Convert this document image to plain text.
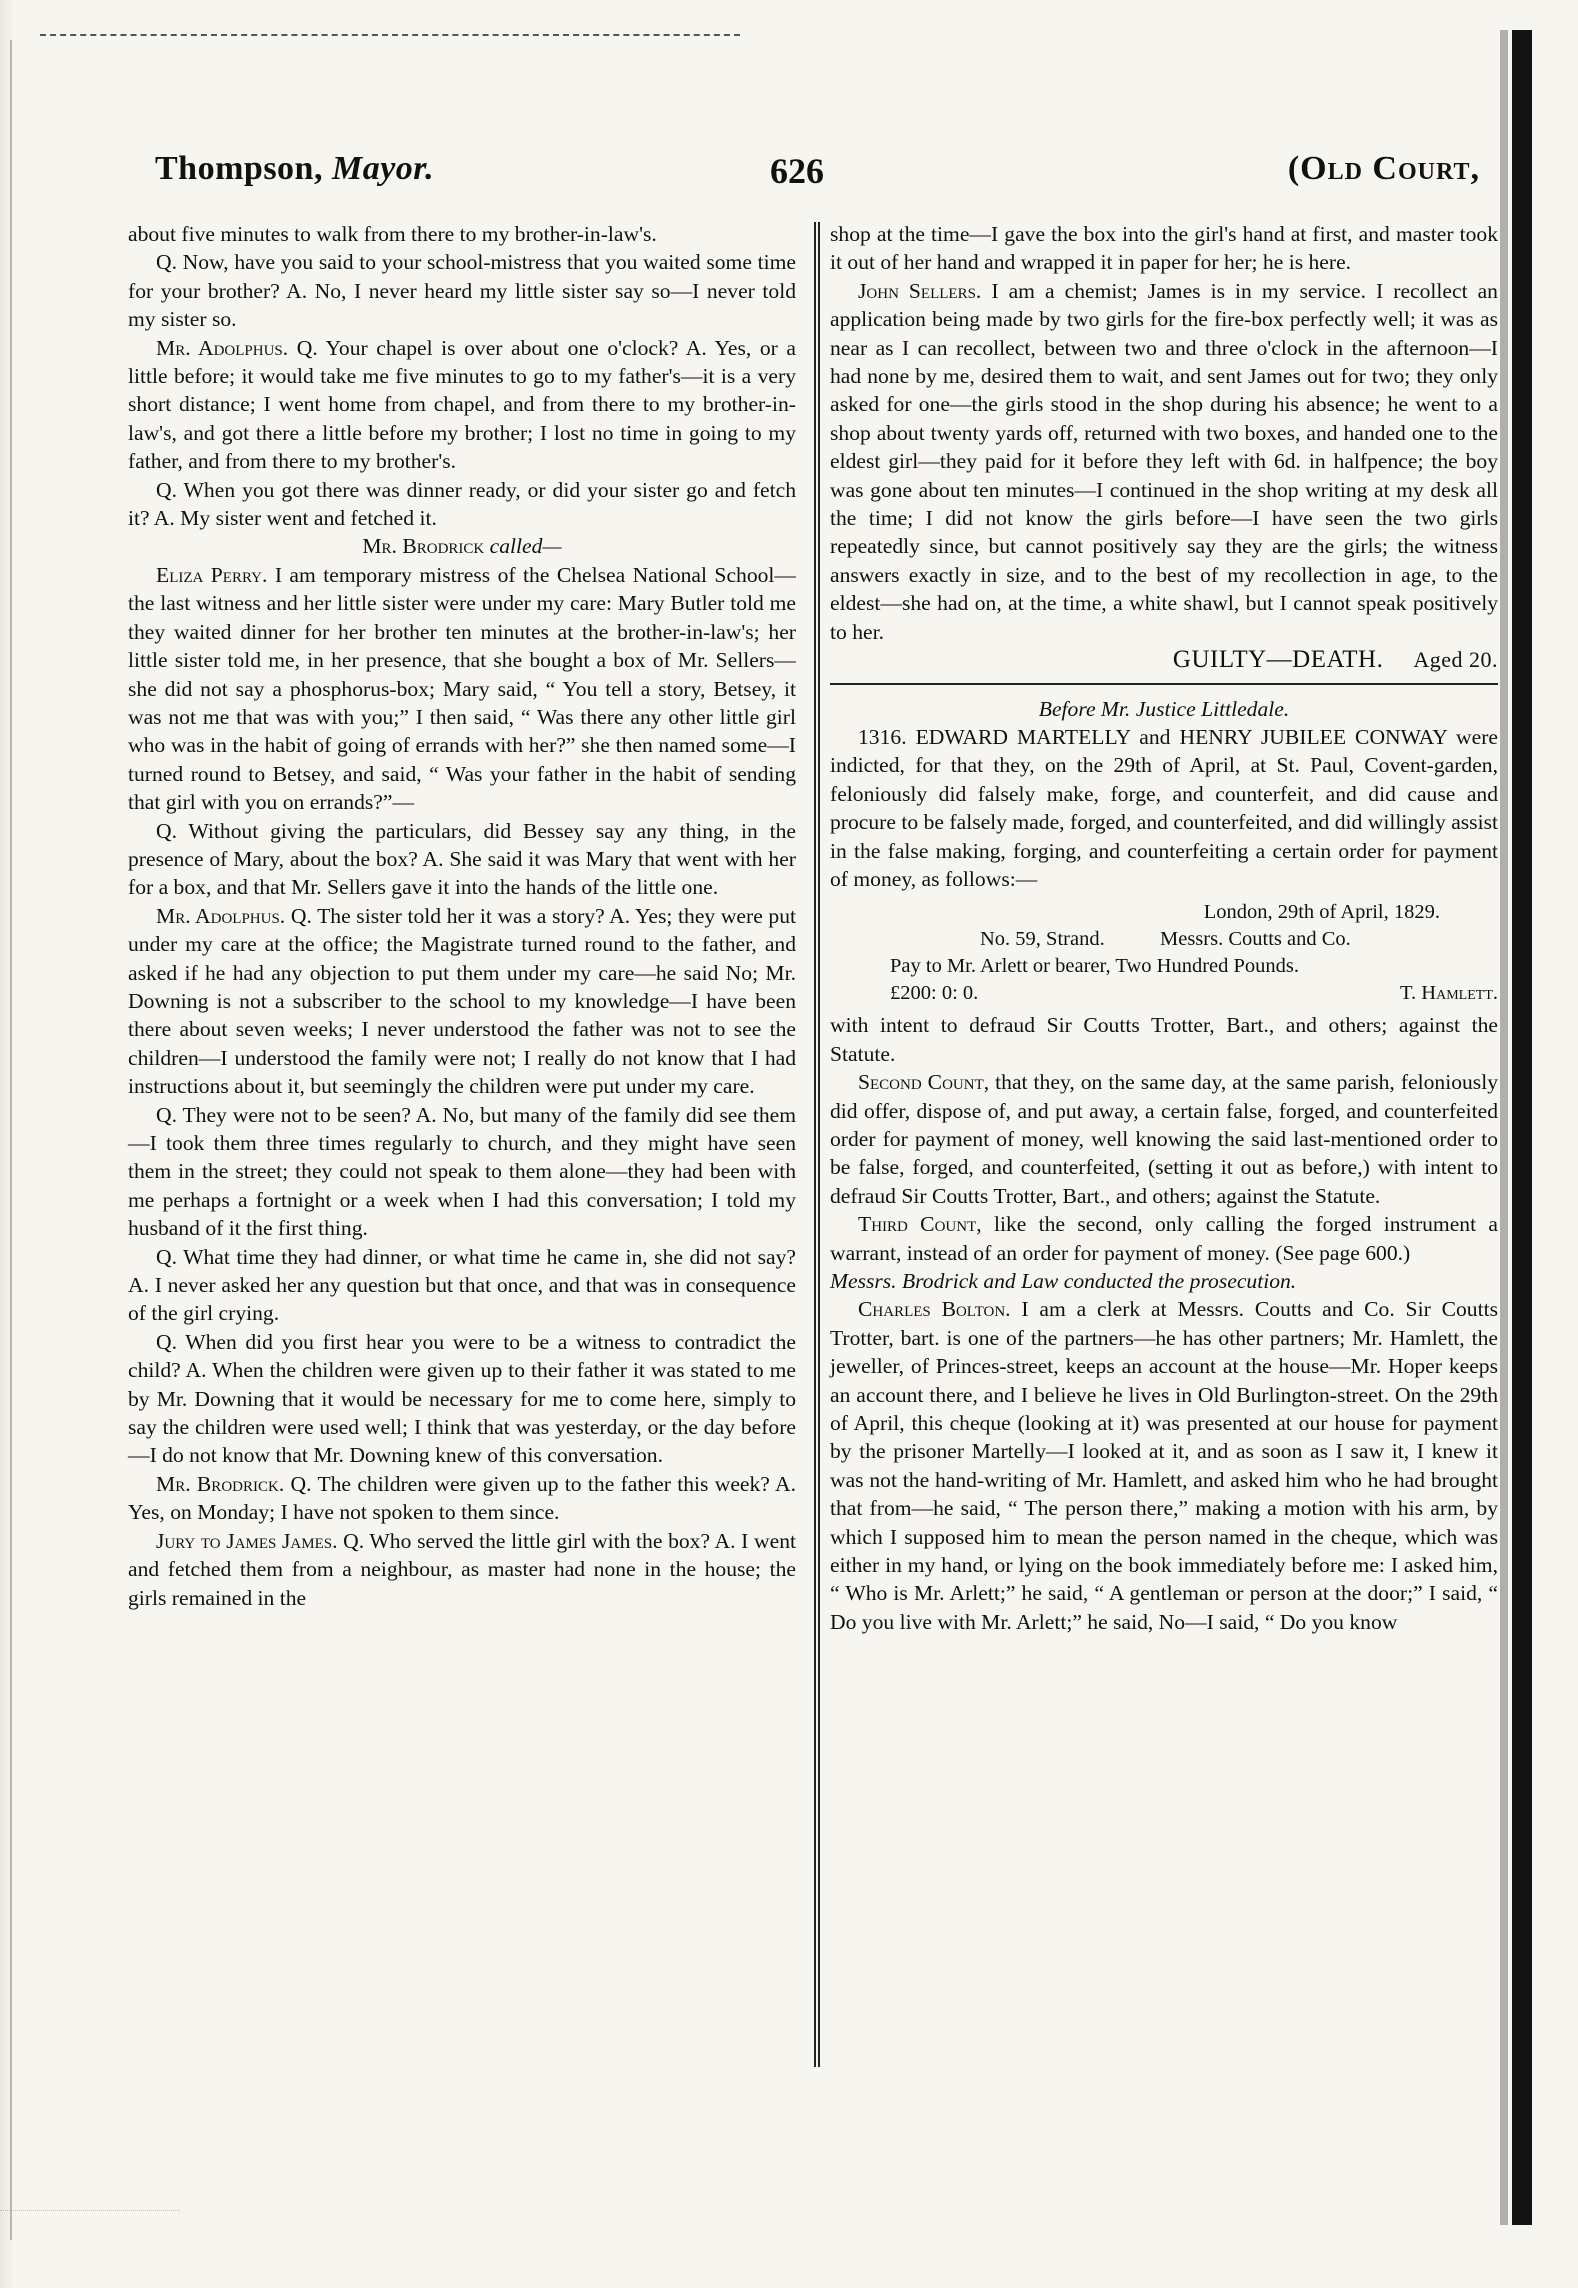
Thompson, Mayor.	626	(Old Court,

about five minutes to walk from there to my brother-in-law's.

Q. Now, have you said to your school-mistress that you waited some time for your brother? A. No, I never heard my little sister say so—I never told my sister so.

Mr. Adolphus. Q. Your chapel is over about one o'clock? A. Yes, or a little before; it would take me five minutes to go to my father's—it is a very short distance; I went home from chapel, and from there to my brother-in-law's, and got there a little before my brother; I lost no time in going to my father, and from there to my brother's.

Q. When you got there was dinner ready, or did your sister go and fetch it? A. My sister went and fetched it.

Mr. Brodrick called—

Eliza Perry. I am temporary mistress of the Chelsea National School—the last witness and her little sister were under my care: Mary Butler told me they waited dinner for her brother ten minutes at the brother-in-law's; her little sister told me, in her presence, that she bought a box of Mr. Sellers—she did not say a phosphorus-box; Mary said, “ You tell a story, Betsey, it was not me that was with you;” I then said, “ Was there any other little girl who was in the habit of going of errands with her?” she then named some—I turned round to Betsey, and said, “ Was your father in the habit of sending that girl with you on errands?”—

Q. Without giving the particulars, did Bessey say any thing, in the presence of Mary, about the box? A. She said it was Mary that went with her for a box, and that Mr. Sellers gave it into the hands of the little one.

Mr. Adolphus. Q. The sister told her it was a story? A. Yes; they were put under my care at the office; the Magistrate turned round to the father, and asked if he had any objection to put them under my care—he said No; Mr. Downing is not a subscriber to the school to my knowledge—I have been there about seven weeks; I never understood the father was not to see the children—I understood the family were not; I really do not know that I had instructions about it, but seemingly the children were put under my care.

Q. They were not to be seen? A. No, but many of the family did see them—I took them three times regularly to church, and they might have seen them in the street; they could not speak to them alone—they had been with me perhaps a fortnight or a week when I had this conversation; I told my husband of it the first thing.

Q. What time they had dinner, or what time he came in, she did not say? A. I never asked her any question but that once, and that was in consequence of the girl crying.

Q. When did you first hear you were to be a witness to contradict the child? A. When the children were given up to their father it was stated to me by Mr. Downing that it would be necessary for me to come here, simply to say the children were used well; I think that was yesterday, or the day before—I do not know that Mr. Downing knew of this conversation.

Mr. Brodrick. Q. The children were given up to the father this week? A. Yes, on Monday; I have not spoken to them since.

Jury to James James. Q. Who served the little girl with the box? A. I went and fetched them from a neighbour, as master had none in the house; the girls remained in the

shop at the time—I gave the box into the girl's hand at first, and master took it out of her hand and wrapped it in paper for her; he is here.

John Sellers. I am a chemist; James is in my service. I recollect an application being made by two girls for the fire-box perfectly well; it was as near as I can recollect, between two and three o'clock in the afternoon—I had none by me, desired them to wait, and sent James out for two; they only asked for one—the girls stood in the shop during his absence; he went to a shop about twenty yards off, returned with two boxes, and handed one to the eldest girl—they paid for it before they left with 6d. in halfpence; the boy was gone about ten minutes—I continued in the shop writing at my desk all the time; I did not know the girls before—I have seen the two girls repeatedly since, but cannot positively say they are the girls; the witness answers exactly in size, and to the best of my recollection in age, to the eldest—she had on, at the time, a white shawl, but I cannot speak positively to her.

GUILTY—DEATH. Aged 20.

Before Mr. Justice Littledale.

1316. EDWARD MARTELLY and HENRY JUBILEE CONWAY were indicted, for that they, on the 29th of April, at St. Paul, Covent-garden, feloniously did falsely make, forge, and counterfeit, and did cause and procure to be falsely made, forged, and counterfeited, and did willingly assist in the false making, forging, and counterfeiting a certain order for payment of money, as follows:—

London, 29th of April, 1829.
No. 59, Strand.	Messrs. Coutts and Co.
Pay to Mr. Arlett or bearer, Two Hundred Pounds.
£200: 0: 0.	T. Hamlett.

with intent to defraud Sir Coutts Trotter, Bart., and others; against the Statute.

Second Count, that they, on the same day, at the same parish, feloniously did offer, dispose of, and put away, a certain false, forged, and counterfeited order for payment of money, well knowing the said last-mentioned order to be false, forged, and counterfeited, (setting it out as before,) with intent to defraud Sir Coutts Trotter, Bart., and others; against the Statute.

Third Count, like the second, only calling the forged instrument a warrant, instead of an order for payment of money. (See page 600.)

Messrs. Brodrick and Law conducted the prosecution.

Charles Bolton. I am a clerk at Messrs. Coutts and Co. Sir Coutts Trotter, bart. is one of the partners—he has other partners; Mr. Hamlett, the jeweller, of Princes-street, keeps an account at the house—Mr. Hoper keeps an account there, and I believe he lives in Old Burlington-street. On the 29th of April, this cheque (looking at it) was presented at our house for payment by the prisoner Martelly—I looked at it, and as soon as I saw it, I knew it was not the hand-writing of Mr. Hamlett, and asked him who he had brought that from—he said, “ The person there,” making a motion with his arm, by which I supposed him to mean the person named in the cheque, which was either in my hand, or lying on the book immediately before me: I asked him, “ Who is Mr. Arlett;” he said, “ A gentleman or person at the door;” I said, “ Do you live with Mr. Arlett;” he said, No—I said, “ Do you know
